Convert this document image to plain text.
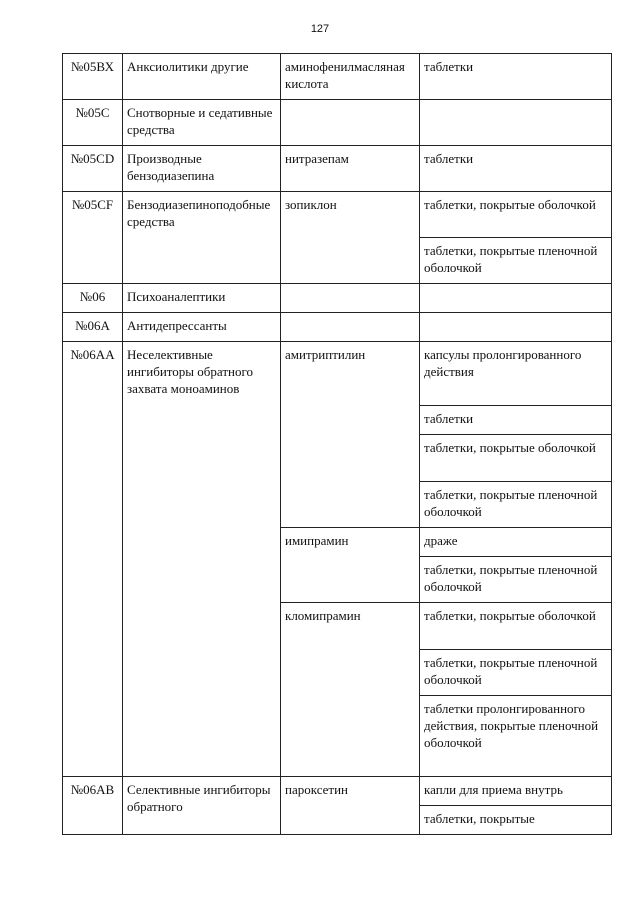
127
№05ВХ	Анксиолитики другие	аминофенилмасляная кислота	таблетки
№05С	Снотворные и седативные средства		
№05CD	Производные бензодиазепина	нитразепам	таблетки
№05CF	Бензодиазепиноподобные средства	зопиклон	таблетки, покрытые оболочкой
			таблетки, покрытые пленочной оболочкой
№06	Психоаналептики		
№06А	Антидепрессанты		
№06АА	Неселективные ингибиторы обратного захвата моноаминов	амитриптилин	капсулы пролонгированного действия
			таблетки
			таблетки, покрытые оболочкой
			таблетки, покрытые пленочной оболочкой
		имипрамин	драже
			таблетки, покрытые пленочной оболочкой
		кломипрамин	таблетки, покрытые оболочкой
			таблетки, покрытые пленочной оболочкой
			таблетки пролонгированного действия, покрытые пленочной оболочкой
№06АВ	Селективные ингибиторы обратного	пароксетин	капли для приема внутрь
			таблетки, покрытые
